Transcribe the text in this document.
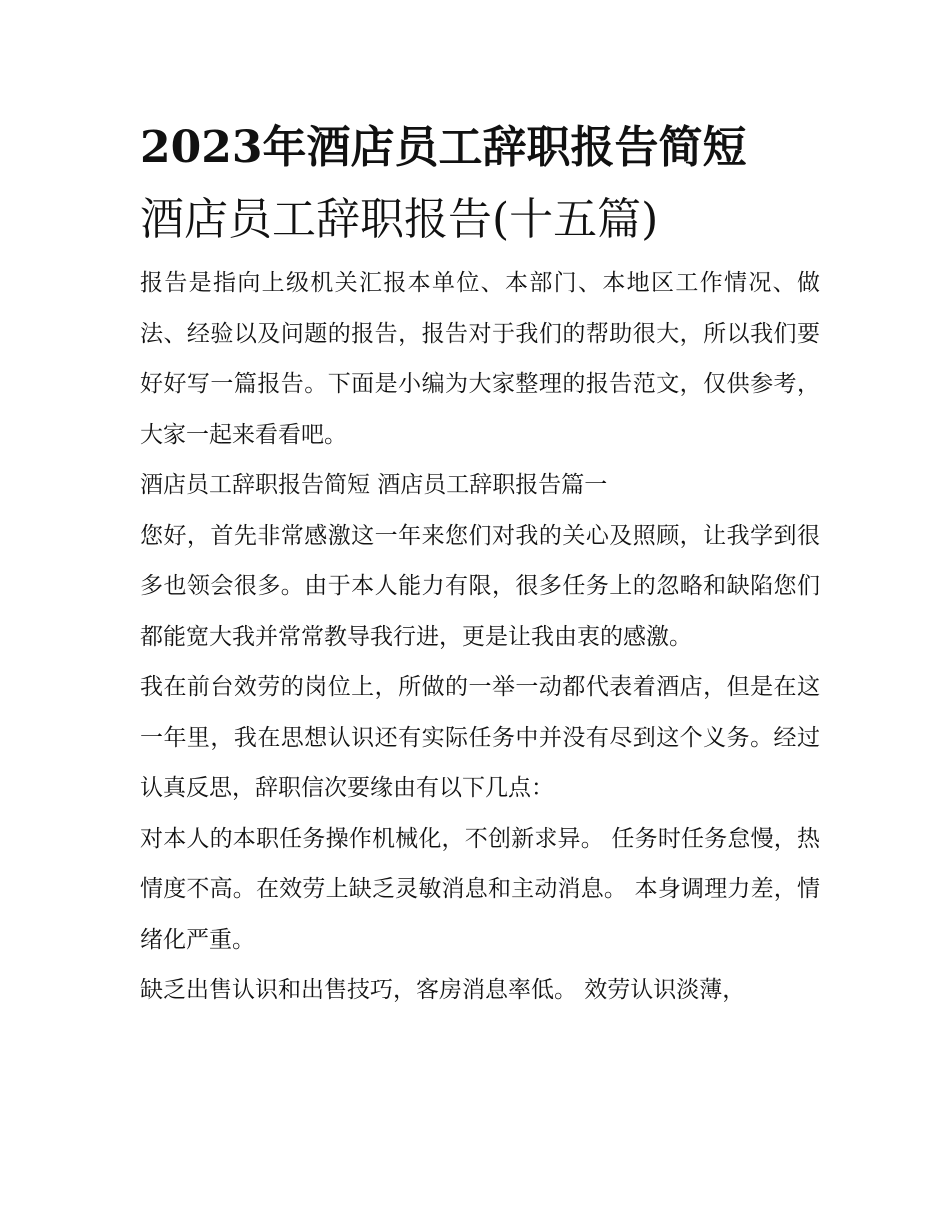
2023年酒店员工辞职报告简短
酒店员工辞职报告(十五篇)

报告是指向上级机关汇报本单位、本部门、本地区工作情况、做法、经验以及问题的报告，报告对于我们的帮助很大，所以我们要好好写一篇报告。下面是小编为大家整理的报告范文，仅供参考，大家一起来看看吧。

酒店员工辞职报告简短 酒店员工辞职报告篇一

您好，首先非常感激这一年来您们对我的关心及照顾，让我学到很多也领会很多。由于本人能力有限，很多任务上的忽略和缺陷您们都能宽大我并常常教导我行进，更是让我由衷的感激。

我在前台效劳的岗位上，所做的一举一动都代表着酒店，但是在这一年里，我在思想认识还有实际任务中并没有尽到这个义务。经过认真反思，辞职信次要缘由有以下几点：

对本人的本职任务操作机械化，不创新求异。 任务时任务怠慢，热情度不高。在效劳上缺乏灵敏消息和主动消息。 本身调理力差，情绪化严重。

缺乏出售认识和出售技巧，客房消息率低。 效劳认识淡薄，
